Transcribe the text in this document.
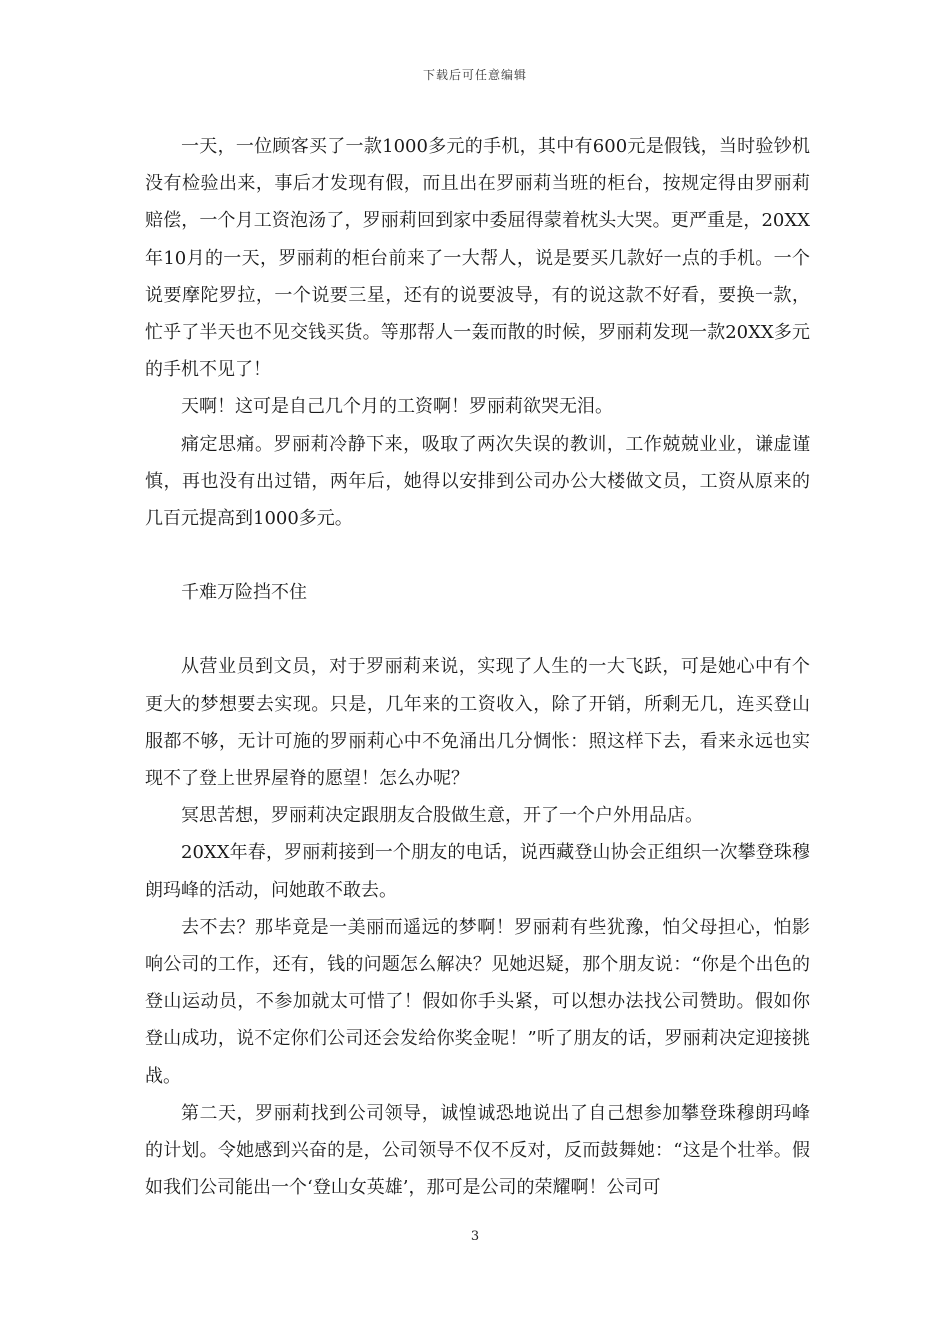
下载后可任意编辑

一天，一位顾客买了一款1000多元的手机，其中有600元是假钱，当时验钞机没有检验出来，事后才发现有假，而且出在罗丽莉当班的柜台，按规定得由罗丽莉赔偿，一个月工资泡汤了，罗丽莉回到家中委屈得蒙着枕头大哭。更严重是，20XX年10月的一天，罗丽莉的柜台前来了一大帮人，说是要买几款好一点的手机。一个说要摩陀罗拉，一个说要三星，还有的说要波导，有的说这款不好看，要换一款，忙乎了半天也不见交钱买货。等那帮人一轰而散的时候，罗丽莉发现一款20XX多元的手机不见了！

天啊！这可是自己几个月的工资啊！罗丽莉欲哭无泪。

痛定思痛。罗丽莉冷静下来，吸取了两次失误的教训，工作兢兢业业，谦虚谨慎，再也没有出过错，两年后，她得以安排到公司办公大楼做文员，工资从原来的几百元提高到1000多元。

千难万险挡不住

从营业员到文员，对于罗丽莉来说，实现了人生的一大飞跃，可是她心中有个更大的梦想要去实现。只是，几年来的工资收入，除了开销，所剩无几，连买登山服都不够，无计可施的罗丽莉心中不免涌出几分惆怅：照这样下去，看来永远也实现不了登上世界屋脊的愿望！怎么办呢？

冥思苦想，罗丽莉决定跟朋友合股做生意，开了一个户外用品店。

20XX年春，罗丽莉接到一个朋友的电话，说西藏登山协会正组织一次攀登珠穆朗玛峰的活动，问她敢不敢去。

去不去？那毕竟是一美丽而遥远的梦啊！罗丽莉有些犹豫，怕父母担心，怕影响公司的工作，还有，钱的问题怎么解决？见她迟疑，那个朋友说：“你是个出色的登山运动员，不参加就太可惜了！假如你手头紧，可以想办法找公司赞助。假如你登山成功，说不定你们公司还会发给你奖金呢！”听了朋友的话，罗丽莉决定迎接挑战。

第二天，罗丽莉找到公司领导，诚惶诚恐地说出了自己想参加攀登珠穆朗玛峰的计划。令她感到兴奋的是，公司领导不仅不反对，反而鼓舞她：“这是个壮举。假如我们公司能出一个‘登山女英雄’，那可是公司的荣耀啊！公司可

3
